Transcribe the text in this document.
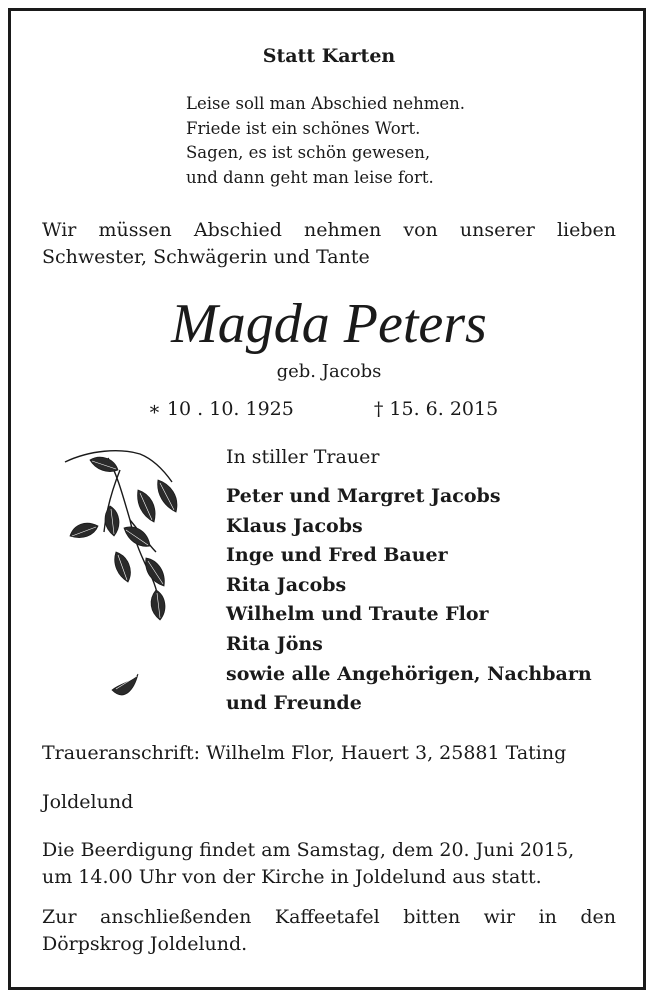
Statt Karten
Leise soll man Abschied nehmen.
Friede ist ein schönes Wort.
Sagen, es ist schön gewesen,
und dann geht man leise fort.
Wir müssen Abschied nehmen von unserer lieben
Schwester, Schwägerin und Tante
Magda Peters
geb. Jacobs
∗ 10 . 10. 1925	† 15. 6. 2015
In stiller Trauer
Peter und Margret Jacobs
Klaus Jacobs
Inge und Fred Bauer
Rita Jacobs
Wilhelm und Traute Flor
Rita Jöns
sowie alle Angehörigen, Nachbarn
und Freunde
Traueranschrift: Wilhelm Flor, Hauert 3, 25881 Tating
Joldelund
Die Beerdigung findet am Samstag, dem 20. Juni 2015,
um 14.00 Uhr von der Kirche in Joldelund aus statt.
Zur anschließenden Kaffeetafel bitten wir in den
Dörpskrog Joldelund.
